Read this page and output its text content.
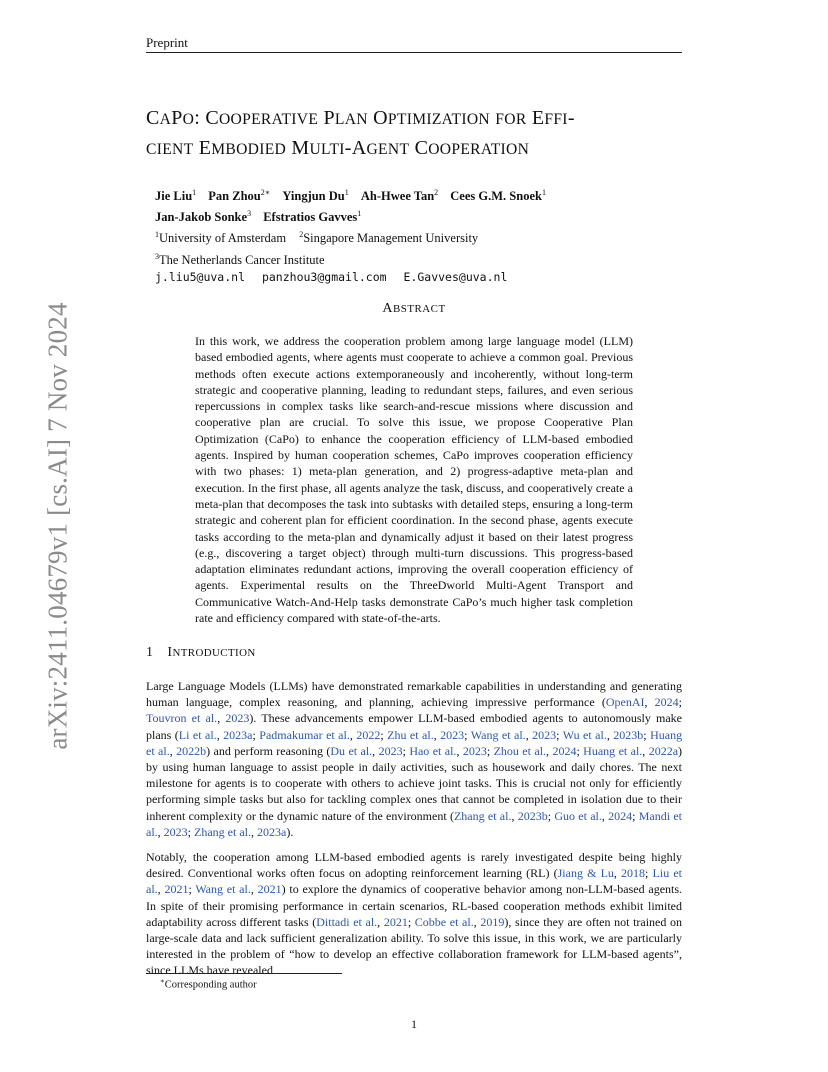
Preprint
arXiv:2411.04679v1 [cs.AI] 7 Nov 2024
CAPO: COOPERATIVE PLAN OPTIMIZATION FOR EFFI-
CIENT EMBODIED MULTI-AGENT COOPERATION
Jie Liu$^1$ Pan Zhou$^{2∗}$ Yingjun Du$^1$ Ah-Hwee Tan$^2$ Cees G.M. Snoek$^1$
Jan-Jakob Sonke$^3$ Efstratios Gavves$^1$
$^1$University of Amsterdam $^2$Singapore Management University
$^3$The Netherlands Cancer Institute
j.liu5@uva.nl panzhou3@gmail.com E.Gavves@uva.nl
ABSTRACT
In this work, we address the cooperation problem among large language model (LLM) based embodied agents, where agents must cooperate to achieve a common goal. Previous methods often execute actions extemporaneously and incoherently, without long-term strategic and cooperative planning, leading to redundant steps, failures, and even serious repercussions in complex tasks like search-and-rescue missions where discussion and cooperative plan are crucial. To solve this issue, we propose Cooperative Plan Optimization (CaPo) to enhance the cooperation efficiency of LLM-based embodied agents. Inspired by human cooperation schemes, CaPo improves cooperation efficiency with two phases: 1) meta-plan generation, and 2) progress-adaptive meta-plan and execution. In the first phase, all agents analyze the task, discuss, and cooperatively create a meta-plan that decomposes the task into subtasks with detailed steps, ensuring a long-term strategic and coherent plan for efficient coordination. In the second phase, agents execute tasks according to the meta-plan and dynamically adjust it based on their latest progress (e.g., discovering a target object) through multi-turn discussions. This progress-based adaptation eliminates redundant actions, improving the overall cooperation efficiency of agents. Experimental results on the ThreeDworld Multi-Agent Transport and Communicative Watch-And-Help tasks demonstrate CaPo’s much higher task completion rate and efficiency compared with state-of-the-arts.
1 INTRODUCTION
Large Language Models (LLMs) have demonstrated remarkable capabilities in understanding and generating human language, complex reasoning, and planning, achieving impressive performance (OpenAI, 2024; Touvron et al., 2023). These advancements empower LLM-based embodied agents to autonomously make plans (Li et al., 2023a; Padmakumar et al., 2022; Zhu et al., 2023; Wang et al., 2023; Wu et al., 2023b; Huang et al., 2022b) and perform reasoning (Du et al., 2023; Hao et al., 2023; Zhou et al., 2024; Huang et al., 2022a) by using human language to assist people in daily activities, such as housework and daily chores. The next milestone for agents is to cooperate with others to achieve joint tasks. This is crucial not only for efficiently performing simple tasks but also for tackling complex ones that cannot be completed in isolation due to their inherent complexity or the dynamic nature of the environment (Zhang et al., 2023b; Guo et al., 2024; Mandi et al., 2023; Zhang et al., 2023a).
Notably, the cooperation among LLM-based embodied agents is rarely investigated despite being highly desired. Conventional works often focus on adopting reinforcement learning (RL) (Jiang & Lu, 2018; Liu et al., 2021; Wang et al., 2021) to explore the dynamics of cooperative behavior among non-LLM-based agents. In spite of their promising performance in certain scenarios, RL-based cooperation methods exhibit limited adaptability across different tasks (Dittadi et al., 2021; Cobbe et al., 2019), since they are often not trained on large-scale data and lack sufficient generalization ability. To solve this issue, in this work, we are particularly interested in the problem of “how to develop an effective collaboration framework for LLM-based agents”, since LLMs have revealed
∗Corresponding author
1
